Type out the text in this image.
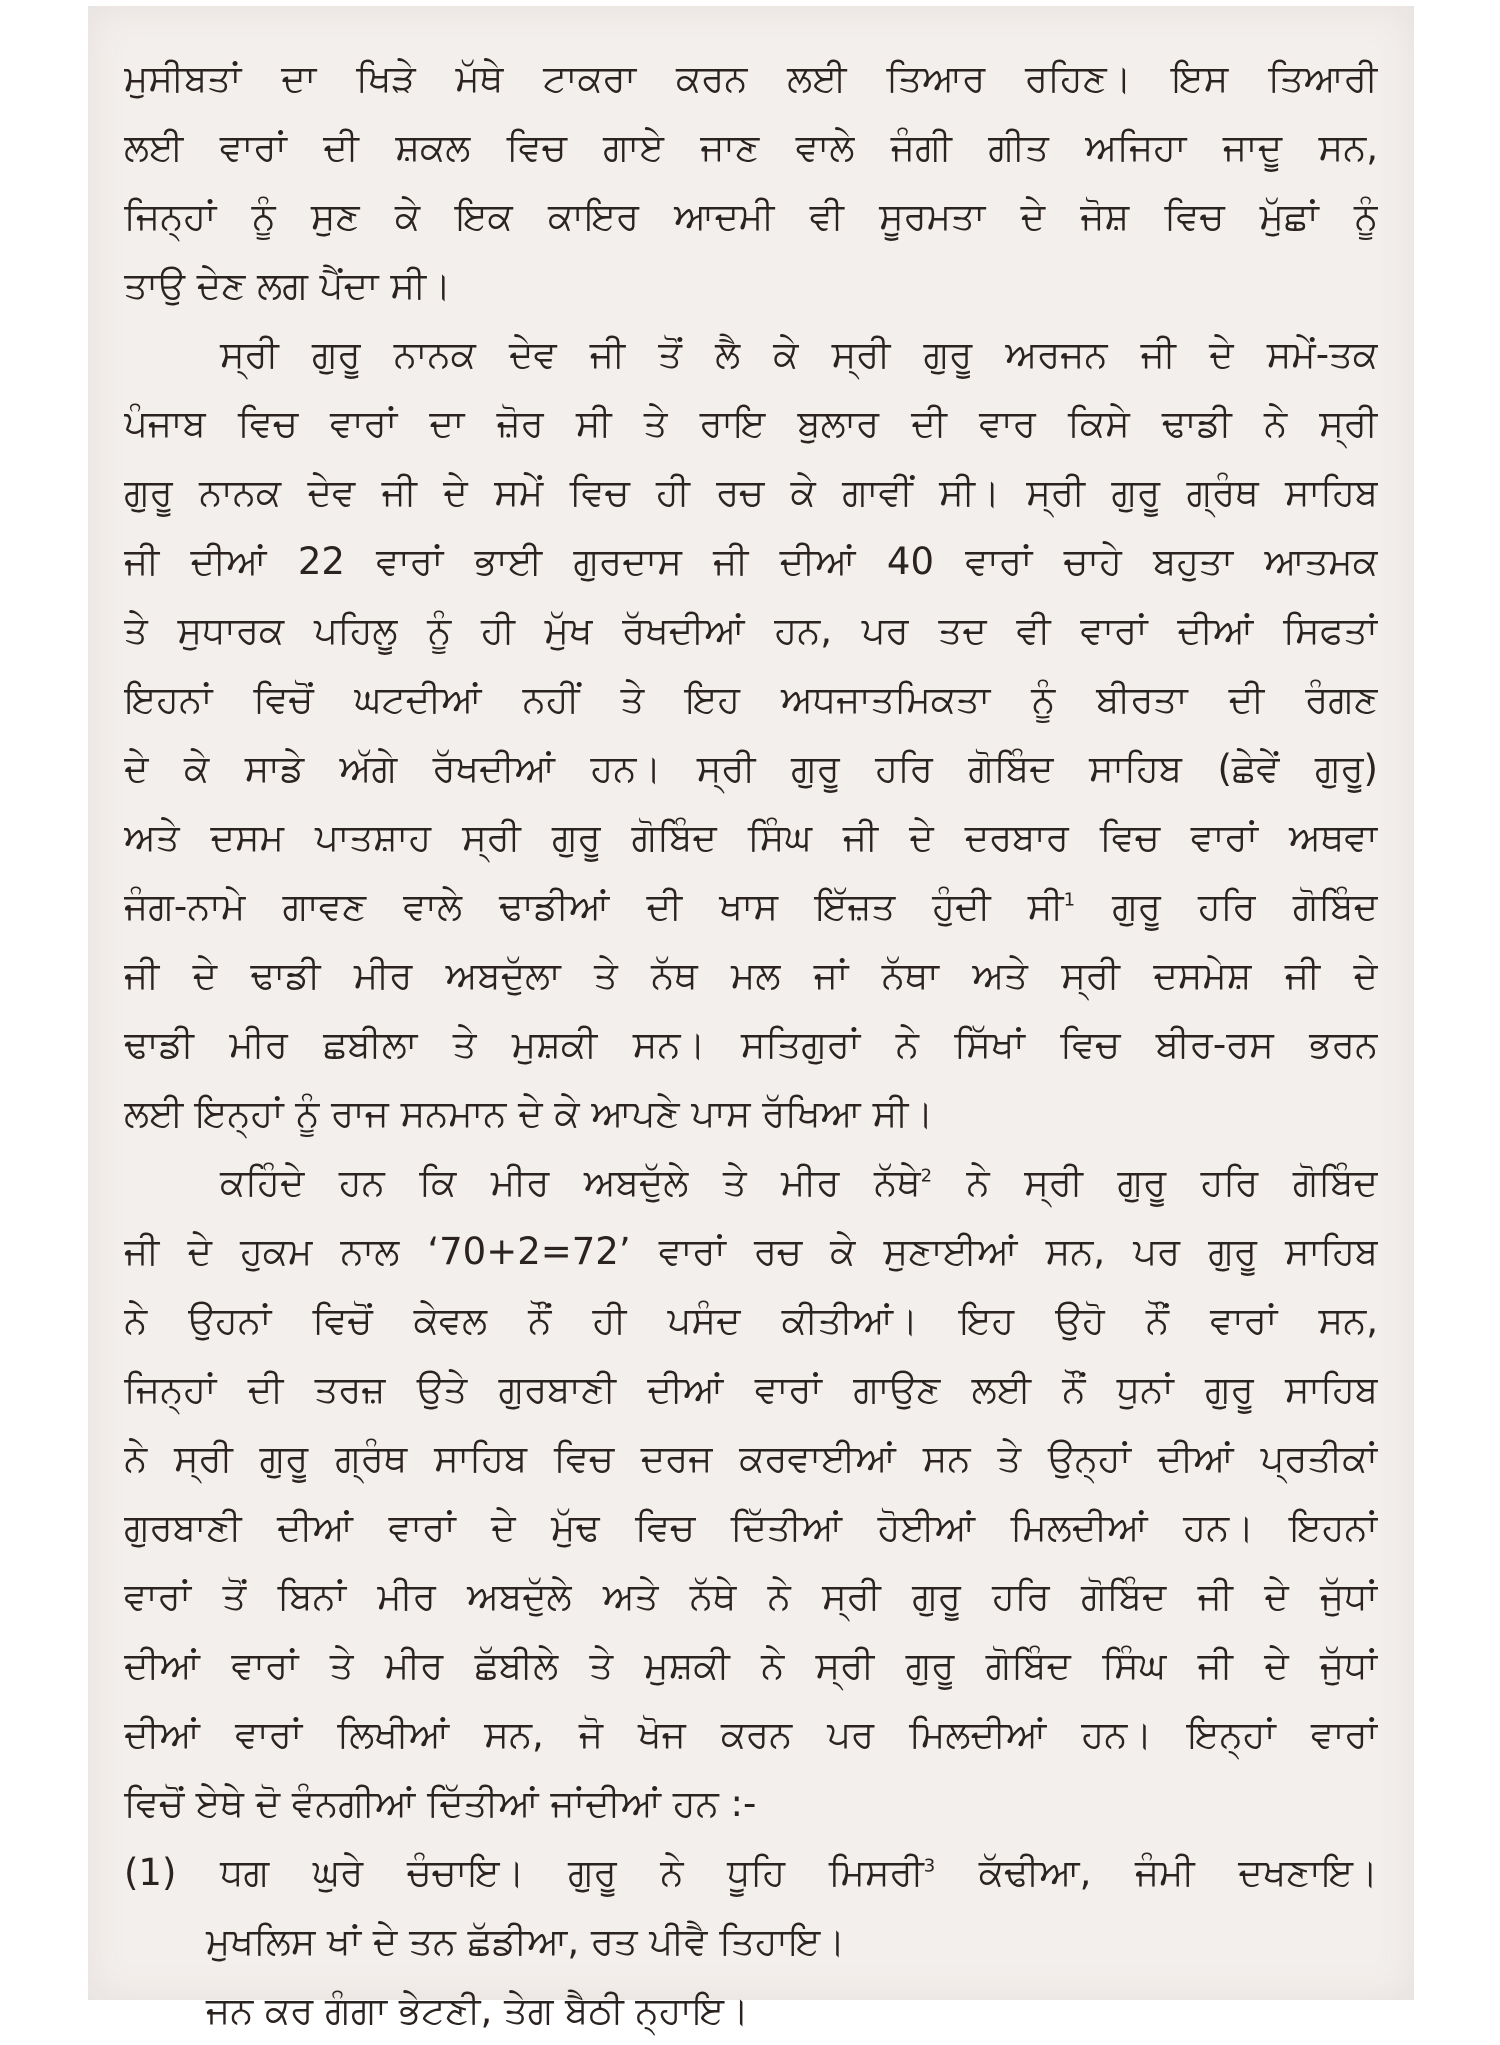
ਮੁਸੀਬਤਾਂ ਦਾ ਖਿੜੇ ਮੱਥੇ ਟਾਕਰਾ ਕਰਨ ਲਈ ਤਿਆਰ ਰਹਿਣ। ਇਸ ਤਿਆਰੀ
ਲਈ ਵਾਰਾਂ ਦੀ ਸ਼ਕਲ ਵਿਚ ਗਾਏ ਜਾਣ ਵਾਲੇ ਜੰਗੀ ਗੀਤ ਅਜਿਹਾ ਜਾਦੂ ਸਨ,
ਜਿਨ੍ਹਾਂ ਨੂੰ ਸੁਣ ਕੇ ਇਕ ਕਾਇਰ ਆਦਮੀ ਵੀ ਸੂਰਮਤਾ ਦੇ ਜੋਸ਼ ਵਿਚ ਮੁੱਛਾਂ ਨੂੰ
ਤਾਉ ਦੇਣ ਲਗ ਪੈਂਦਾ ਸੀ।
ਸ੍ਰੀ ਗੁਰੂ ਨਾਨਕ ਦੇਵ ਜੀ ਤੋਂ ਲੈ ਕੇ ਸ੍ਰੀ ਗੁਰੂ ਅਰਜਨ ਜੀ ਦੇ ਸਮੇਂ-ਤਕ
ਪੰਜਾਬ ਵਿਚ ਵਾਰਾਂ ਦਾ ਜ਼ੋਰ ਸੀ ਤੇ ਰਾਇ ਬੁਲਾਰ ਦੀ ਵਾਰ ਕਿਸੇ ਢਾਡੀ ਨੇ ਸ੍ਰੀ
ਗੁਰੂ ਨਾਨਕ ਦੇਵ ਜੀ ਦੇ ਸਮੇਂ ਵਿਚ ਹੀ ਰਚ ਕੇ ਗਾਵੀਂ ਸੀ। ਸ੍ਰੀ ਗੁਰੂ ਗ੍ਰੰਥ ਸਾਹਿਬ
ਜੀ ਦੀਆਂ 22 ਵਾਰਾਂ ਭਾਈ ਗੁਰਦਾਸ ਜੀ ਦੀਆਂ 40 ਵਾਰਾਂ ਚਾਹੇ ਬਹੁਤਾ ਆਤਮਕ
ਤੇ ਸੁਧਾਰਕ ਪਹਿਲੂ ਨੂੰ ਹੀ ਮੁੱਖ ਰੱਖਦੀਆਂ ਹਨ, ਪਰ ਤਦ ਵੀ ਵਾਰਾਂ ਦੀਆਂ ਸਿਫਤਾਂ
ਇਹਨਾਂ ਵਿਚੋਂ ਘਟਦੀਆਂ ਨਹੀਂ ਤੇ ਇਹ ਅਧਜਾਤਮਿਕਤਾ ਨੂੰ ਬੀਰਤਾ ਦੀ ਰੰਗਣ
ਦੇ ਕੇ ਸਾਡੇ ਅੱਗੇ ਰੱਖਦੀਆਂ ਹਨ। ਸ੍ਰੀ ਗੁਰੂ ਹਰਿ ਗੋਬਿੰਦ ਸਾਹਿਬ (ਛੇਵੇਂ ਗੁਰੂ)
ਅਤੇ ਦਸਮ ਪਾਤਸ਼ਾਹ ਸ੍ਰੀ ਗੁਰੂ ਗੋਬਿੰਦ ਸਿੰਘ ਜੀ ਦੇ ਦਰਬਾਰ ਵਿਚ ਵਾਰਾਂ ਅਥਵਾ
ਜੰਗ-ਨਾਮੇ ਗਾਵਣ ਵਾਲੇ ਢਾਡੀਆਂ ਦੀ ਖਾਸ ਇੱਜ਼ਤ ਹੁੰਦੀ ਸੀ$^1$ ਗੁਰੂ ਹਰਿ ਗੋਬਿੰਦ
ਜੀ ਦੇ ਢਾਡੀ ਮੀਰ ਅਬਦੁੱਲਾ ਤੇ ਨੱਥ ਮਲ ਜਾਂ ਨੱਥਾ ਅਤੇ ਸ੍ਰੀ ਦਸਮੇਸ਼ ਜੀ ਦੇ
ਢਾਡੀ ਮੀਰ ਛਬੀਲਾ ਤੇ ਮੁਸ਼ਕੀ ਸਨ। ਸਤਿਗੁਰਾਂ ਨੇ ਸਿੱਖਾਂ ਵਿਚ ਬੀਰ-ਰਸ ਭਰਨ
ਲਈ ਇਨ੍ਹਾਂ ਨੂੰ ਰਾਜ ਸਨਮਾਨ ਦੇ ਕੇ ਆਪਣੇ ਪਾਸ ਰੱਖਿਆ ਸੀ।
ਕਹਿੰਦੇ ਹਨ ਕਿ ਮੀਰ ਅਬਦੁੱਲੇ ਤੇ ਮੀਰ ਨੱਥੇ$^2$ ਨੇ ਸ੍ਰੀ ਗੁਰੂ ਹਰਿ ਗੋਬਿੰਦ
ਜੀ ਦੇ ਹੁਕਮ ਨਾਲ ‘70+2=72’ ਵਾਰਾਂ ਰਚ ਕੇ ਸੁਣਾਈਆਂ ਸਨ, ਪਰ ਗੁਰੂ ਸਾਹਿਬ
ਨੇ ਉਹਨਾਂ ਵਿਚੋਂ ਕੇਵਲ ਨੌਂ ਹੀ ਪਸੰਦ ਕੀਤੀਆਂ। ਇਹ ਉਹੋ ਨੌਂ ਵਾਰਾਂ ਸਨ,
ਜਿਨ੍ਹਾਂ ਦੀ ਤਰਜ਼ ਉਤੇ ਗੁਰਬਾਣੀ ਦੀਆਂ ਵਾਰਾਂ ਗਾਉਣ ਲਈ ਨੌਂ ਧੁਨਾਂ ਗੁਰੂ ਸਾਹਿਬ
ਨੇ ਸ੍ਰੀ ਗੁਰੂ ਗ੍ਰੰਥ ਸਾਹਿਬ ਵਿਚ ਦਰਜ ਕਰਵਾਈਆਂ ਸਨ ਤੇ ਉਨ੍ਹਾਂ ਦੀਆਂ ਪ੍ਰਤੀਕਾਂ
ਗੁਰਬਾਣੀ ਦੀਆਂ ਵਾਰਾਂ ਦੇ ਮੁੱਢ ਵਿਚ ਦਿੱਤੀਆਂ ਹੋਈਆਂ ਮਿਲਦੀਆਂ ਹਨ। ਇਹਨਾਂ
ਵਾਰਾਂ ਤੋਂ ਬਿਨਾਂ ਮੀਰ ਅਬਦੁੱਲੇ ਅਤੇ ਨੱਥੇ ਨੇ ਸ੍ਰੀ ਗੁਰੂ ਹਰਿ ਗੋਬਿੰਦ ਜੀ ਦੇ ਜੁੱਧਾਂ
ਦੀਆਂ ਵਾਰਾਂ ਤੇ ਮੀਰ ਛੱਬੀਲੇ ਤੇ ਮੁਸ਼ਕੀ ਨੇ ਸ੍ਰੀ ਗੁਰੂ ਗੋਬਿੰਦ ਸਿੰਘ ਜੀ ਦੇ ਜੁੱਧਾਂ
ਦੀਆਂ ਵਾਰਾਂ ਲਿਖੀਆਂ ਸਨ, ਜੋ ਖੋਜ ਕਰਨ ਪਰ ਮਿਲਦੀਆਂ ਹਨ। ਇਨ੍ਹਾਂ ਵਾਰਾਂ
ਵਿਚੋਂ ਏਥੇ ਦੋ ਵੰਨਗੀਆਂ ਦਿੱਤੀਆਂ ਜਾਂਦੀਆਂ ਹਨ :-
(1) ਧਗ ਘੁਰੇ ਚੰਚਾਇ। ਗੁਰੂ ਨੇ ਧੂਹਿ ਮਿਸਰੀ$^3$ ਕੱਢੀਆ, ਜੰਮੀ ਦਖਣਾਇ।
ਮੁਖਲਿਸ ਖਾਂ ਦੇ ਤਨ ਛੱਡੀਆ, ਰਤ ਪੀਵੈ ਤਿਹਾਇ।
ਜਨ ਕਰ ਗੰਗਾ ਭੇਟਣੀ, ਤੇਗ ਬੈਠੀ ਨ੍ਹਾਇ।
